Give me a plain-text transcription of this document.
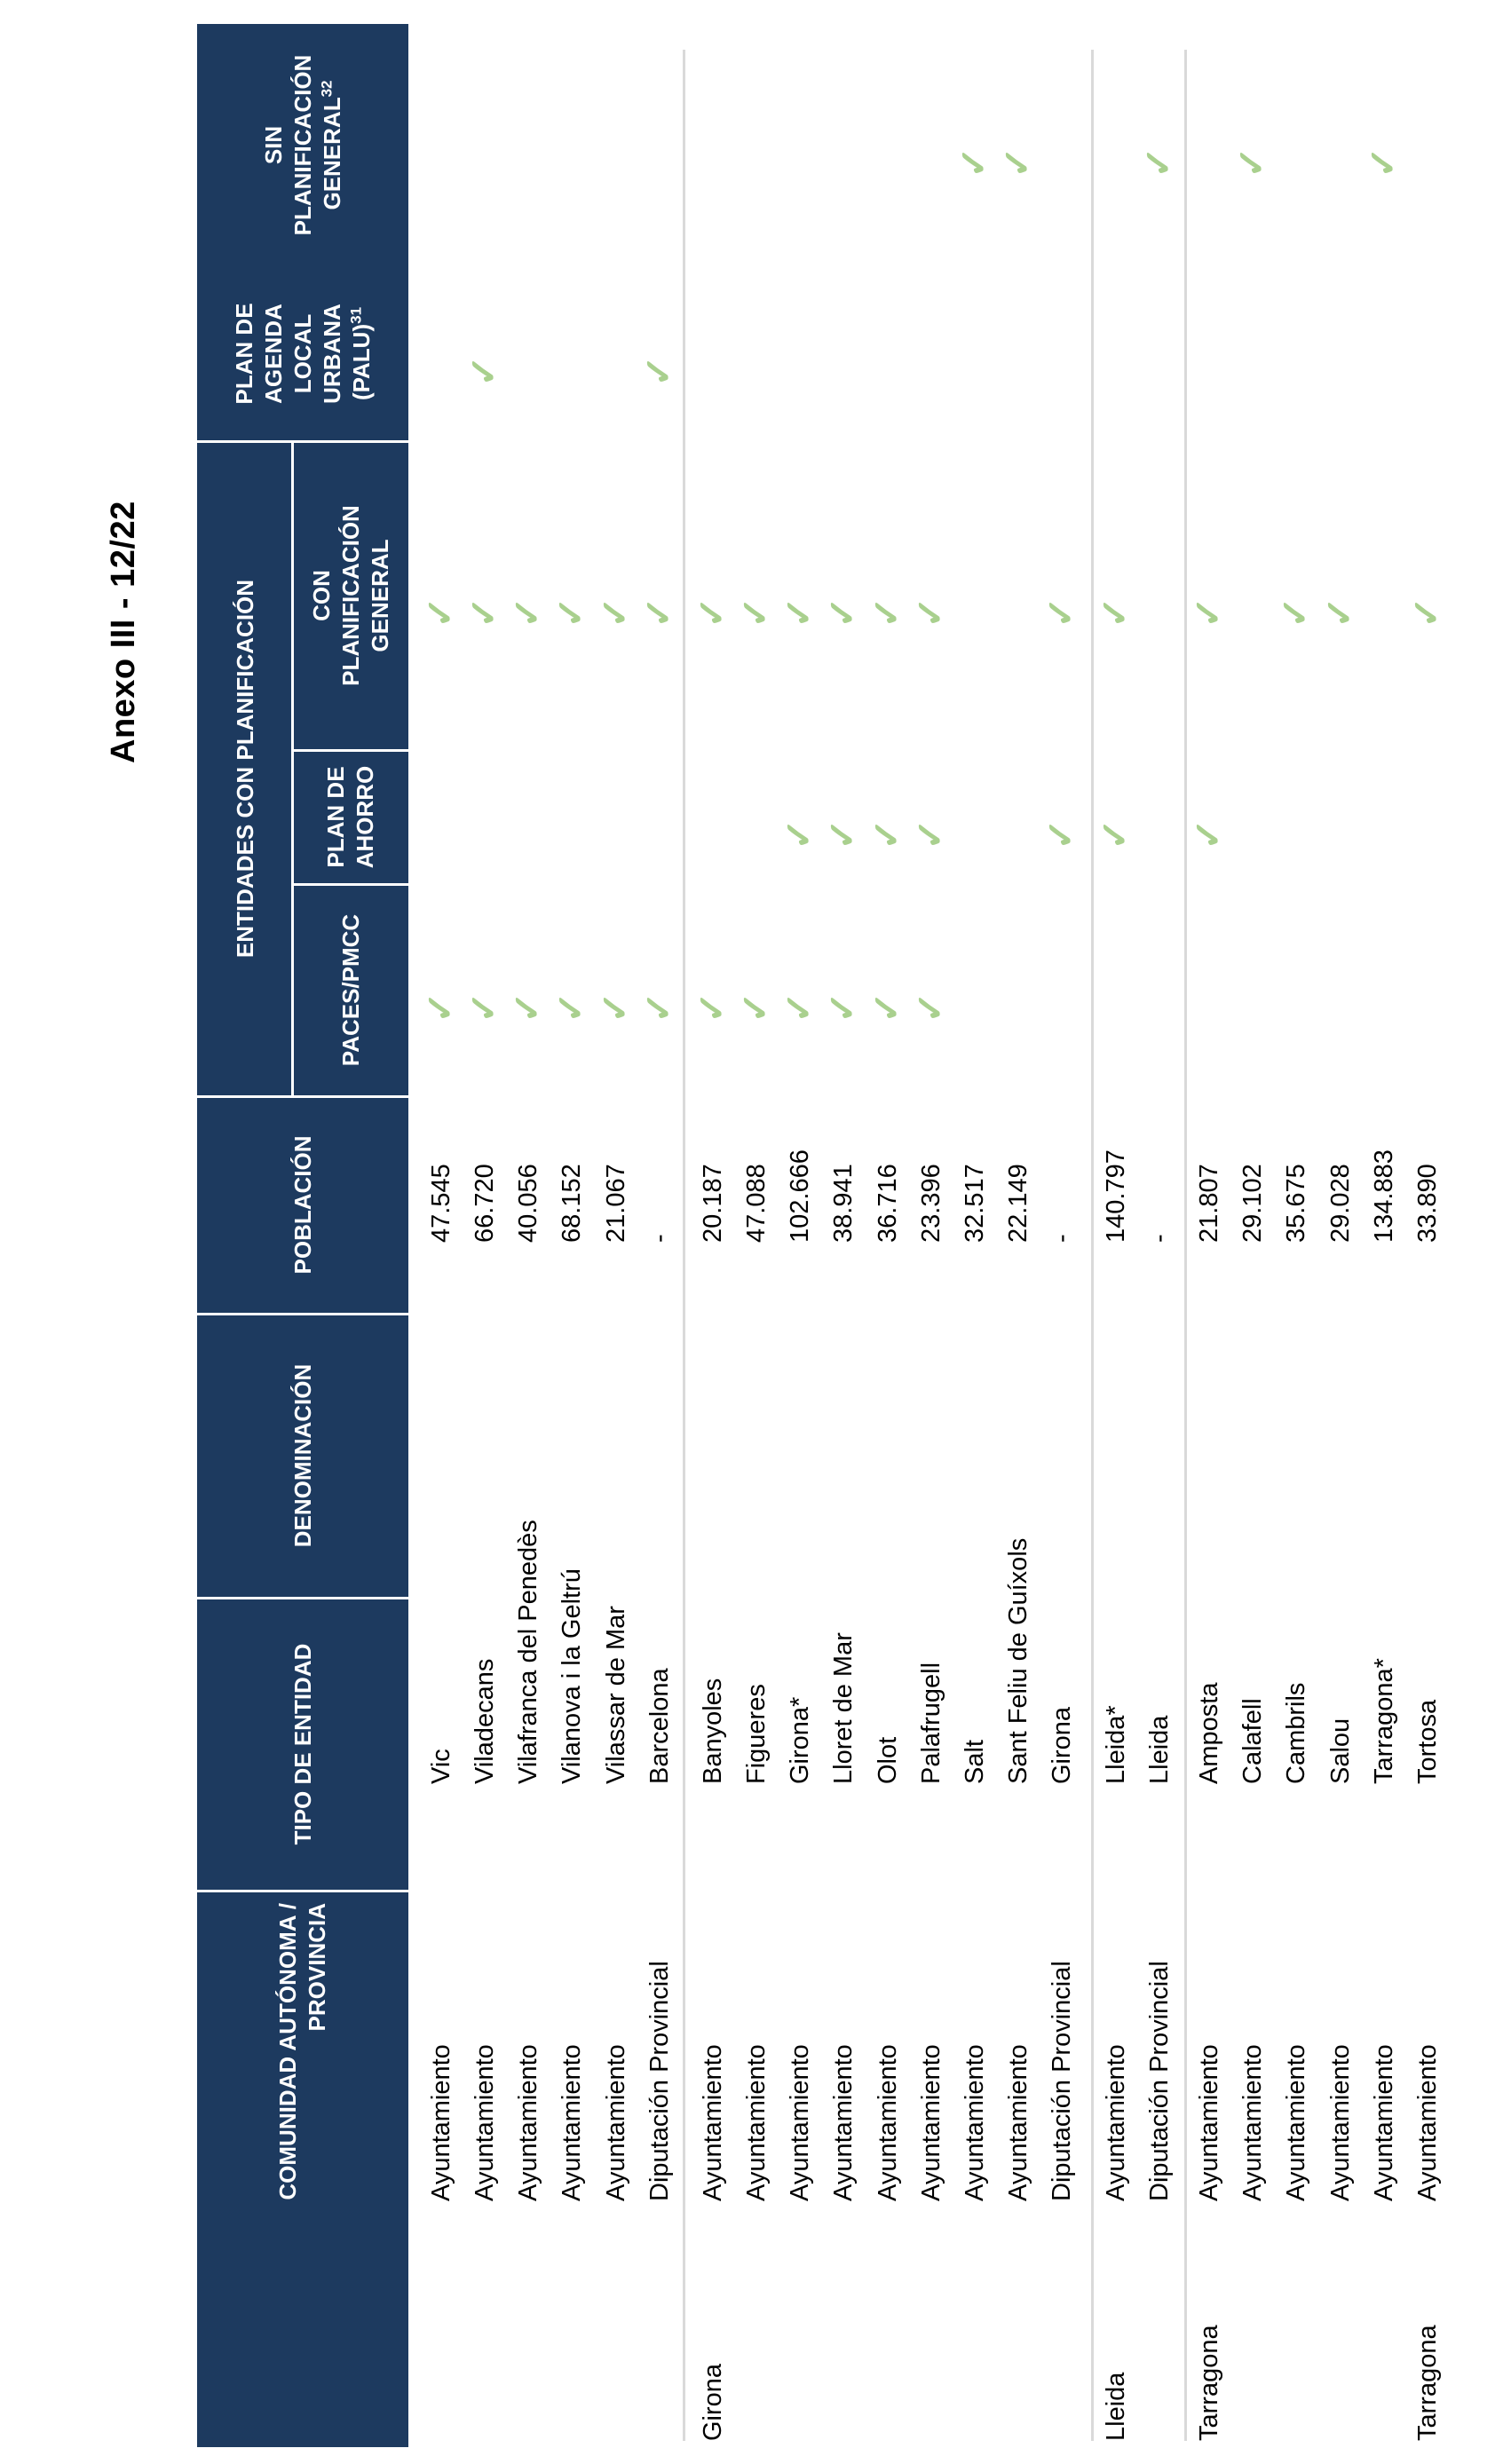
Anexo III - 12/22
COMUNIDAD AUTÓNOMA / PROVINCIA
TIPO DE ENTIDAD
DENOMINACIÓN
POBLACIÓN
ENTIDADES CON PLANIFICACIÓN
PACES/PMCC
PLAN DE AHORRO
CON PLANIFICACIÓN GENERAL
PLAN DE AGENDA LOCAL URBANA (PALU)$^{31}$
SIN PLANIFICACIÓN GENERAL$^{32}$
Ayuntamiento
Vic
47.545
✓
✓
Ayuntamiento
Viladecans
66.720
✓
✓
✓
Ayuntamiento
Vilafranca del Penedès
40.056
✓
✓
Ayuntamiento
Vilanova i la Geltrú
68.152
✓
✓
Ayuntamiento
Vilassar de Mar
21.067
✓
✓
Diputación Provincial
Barcelona
-
✓
✓
✓
Girona
Ayuntamiento
Banyoles
20.187
✓
✓
Ayuntamiento
Figueres
47.088
✓
✓
Ayuntamiento
Girona*
102.666
✓
✓
✓
Ayuntamiento
Lloret de Mar
38.941
✓
✓
✓
Ayuntamiento
Olot
36.716
✓
✓
✓
Ayuntamiento
Palafrugell
23.396
✓
✓
✓
Ayuntamiento
Salt
32.517
✓
Ayuntamiento
Sant Feliu de Guíxols
22.149
✓
Diputación Provincial
Girona
-
✓
✓
Lleida
Ayuntamiento
Lleida*
140.797
✓
✓
Diputación Provincial
Lleida
-
✓
Tarragona
Ayuntamiento
Amposta
21.807
✓
✓
Ayuntamiento
Calafell
29.102
✓
Ayuntamiento
Cambrils
35.675
✓
Ayuntamiento
Salou
29.028
✓
Ayuntamiento
Tarragona*
134.883
✓
Tarragona
Ayuntamiento
Tortosa
33.890
✓
